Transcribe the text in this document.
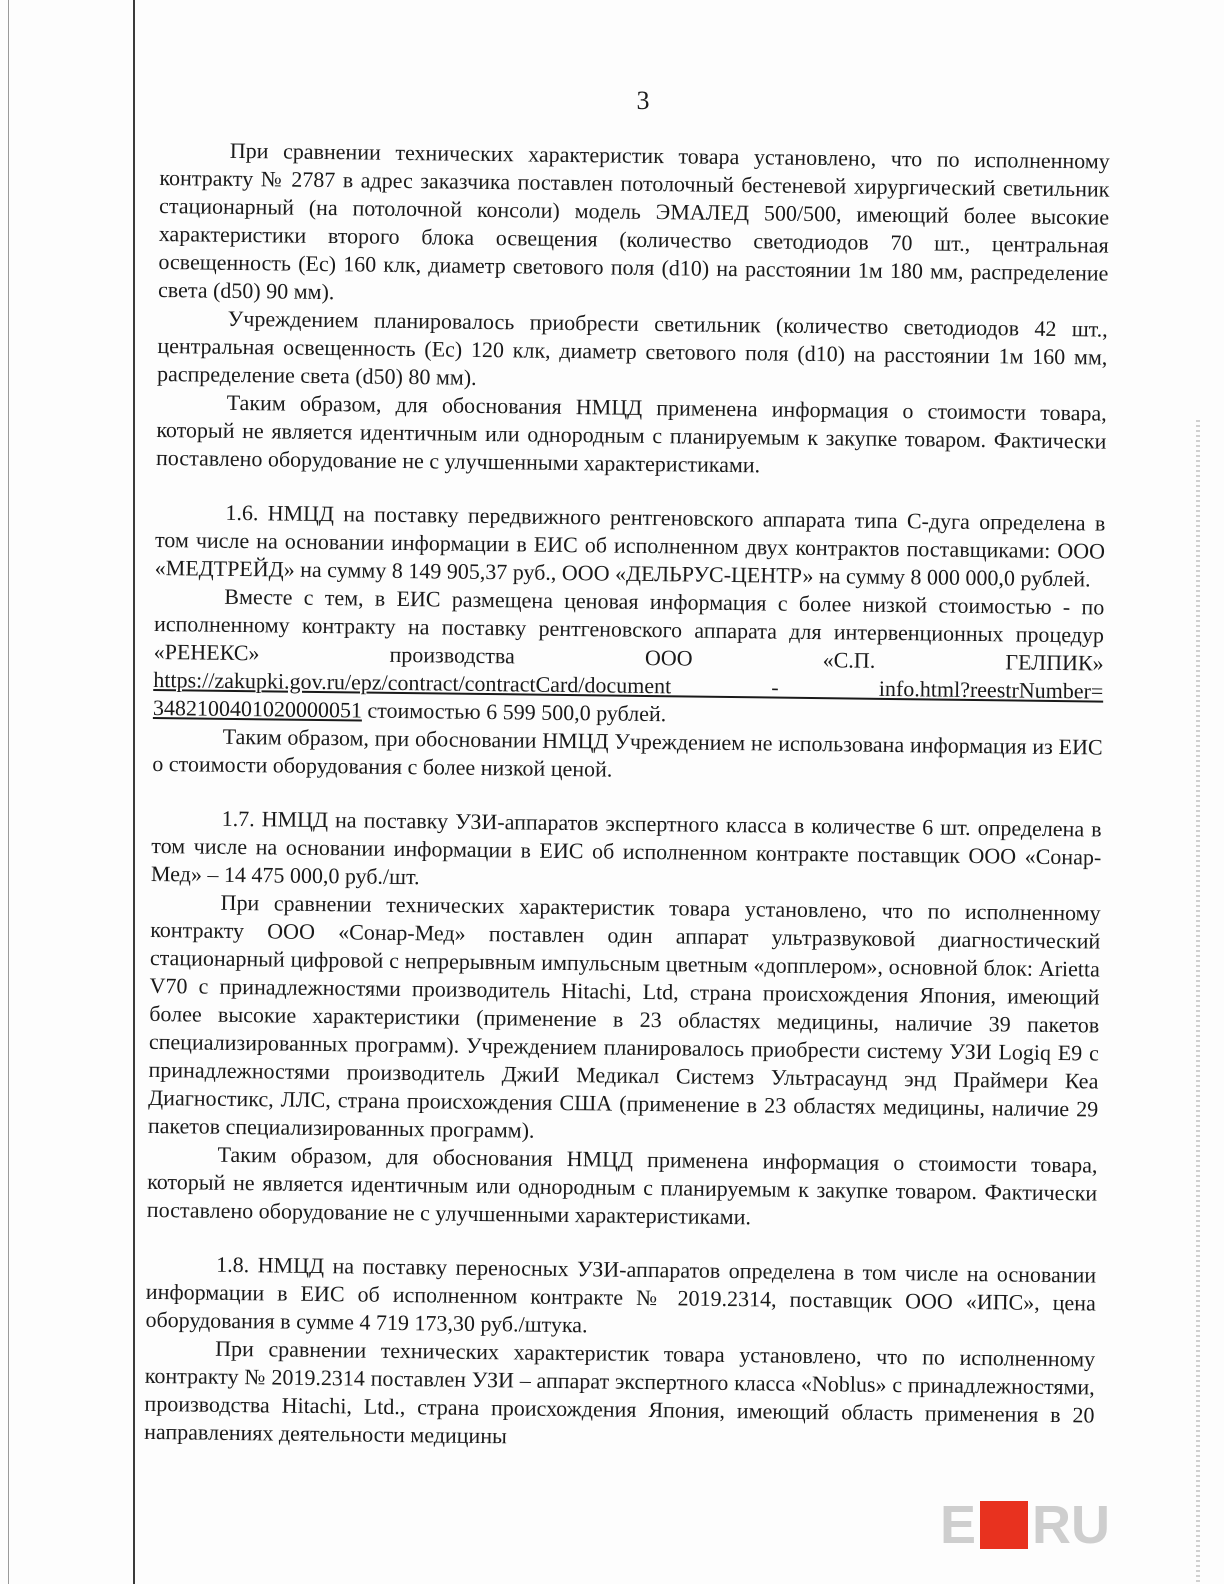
3

При сравнении технических характеристик товара установлено, что по исполненному контракту № 2787 в адрес заказчика поставлен потолочный бестеневой хирургический светильник стационарный (на потолочной консоли) модель ЭМАЛЕД 500/500, имеющий более высокие характеристики второго блока освещения (количество светодиодов 70 шт., центральная освещенность (Ec) 160 клк, диаметр светового поля (d10) на расстоянии 1м 180 мм, распределение света (d50) 90 мм).

Учреждением планировалось приобрести светильник (количество светодиодов 42 шт., центральная освещенность (Ec) 120 клк, диаметр светового поля (d10) на расстоянии 1м 160 мм, распределение света (d50) 80 мм).

Таким образом, для обоснования НМЦД применена информация о стоимости товара, который не является идентичным или однородным с планируемым к закупке товаром. Фактически поставлено оборудование не с улучшенными характеристиками.

1.6. НМЦД на поставку передвижного рентгеновского аппарата типа С-дуга определена в том числе на основании информации в ЕИС об исполненном двух контрактов поставщиками: ООО «МЕДТРЕЙД» на сумму 8 149 905,37 руб., ООО «ДЕЛЬРУС-ЦЕНТР» на сумму 8 000 000,0 рублей.

Вместе с тем, в ЕИС размещена ценовая информация с более низкой стоимостью - по исполненному контракту на поставку рентгеновского аппарата для интервенционных процедур «РЕНЕКС» производства ООО «С.П. ГЕЛПИК» https://zakupki.gov.ru/epz/contract/contractCard/document - info.html?reestrNumber= 3482100401020000051 стоимостью 6 599 500,0 рублей.

Таким образом, при обосновании НМЦД Учреждением не использована информация из ЕИС о стоимости оборудования с более низкой ценой.

1.7. НМЦД на поставку УЗИ-аппаратов экспертного класса в количестве 6 шт. определена в том числе на основании информации в ЕИС об исполненном контракте поставщик ООО «Сонар-Мед» – 14 475 000,0 руб./шт.

При сравнении технических характеристик товара установлено, что по исполненному контракту ООО «Сонар-Мед» поставлен один аппарат ультразвуковой диагностический стационарный цифровой с непрерывным импульсным цветным «допплером», основной блок: Arietta V70 с принадлежностями производитель Hitachi, Ltd, страна происхождения Япония, имеющий более высокие характеристики (применение в 23 областях медицины, наличие 39 пакетов специализированных программ). Учреждением планировалось приобрести систему УЗИ Logiq E9 с принадлежностями производитель ДжиИ Медикал Системз Ультрасаунд энд Праймери Кеа Диагностикс, ЛЛС, страна происхождения США (применение в 23 областях медицины, наличие 29 пакетов специализированных программ).

Таким образом, для обоснования НМЦД применена информация о стоимости товара, который не является идентичным или однородным с планируемым к закупке товаром. Фактически поставлено оборудование не с улучшенными характеристиками.

1.8. НМЦД на поставку переносных УЗИ-аппаратов определена в том числе на основании информации в ЕИС об исполненном контракте № 2019.2314, поставщик ООО «ИПС», цена оборудования в сумме 4 719 173,30 руб./штука.

При сравнении технических характеристик товара установлено, что по исполненному контракту № 2019.2314 поставлен УЗИ – аппарат экспертного класса «Noblus» с принадлежностями, производства Hitachi, Ltd., страна происхождения Япония, имеющий область применения в 20 направлениях деятельности медицины

E RU
